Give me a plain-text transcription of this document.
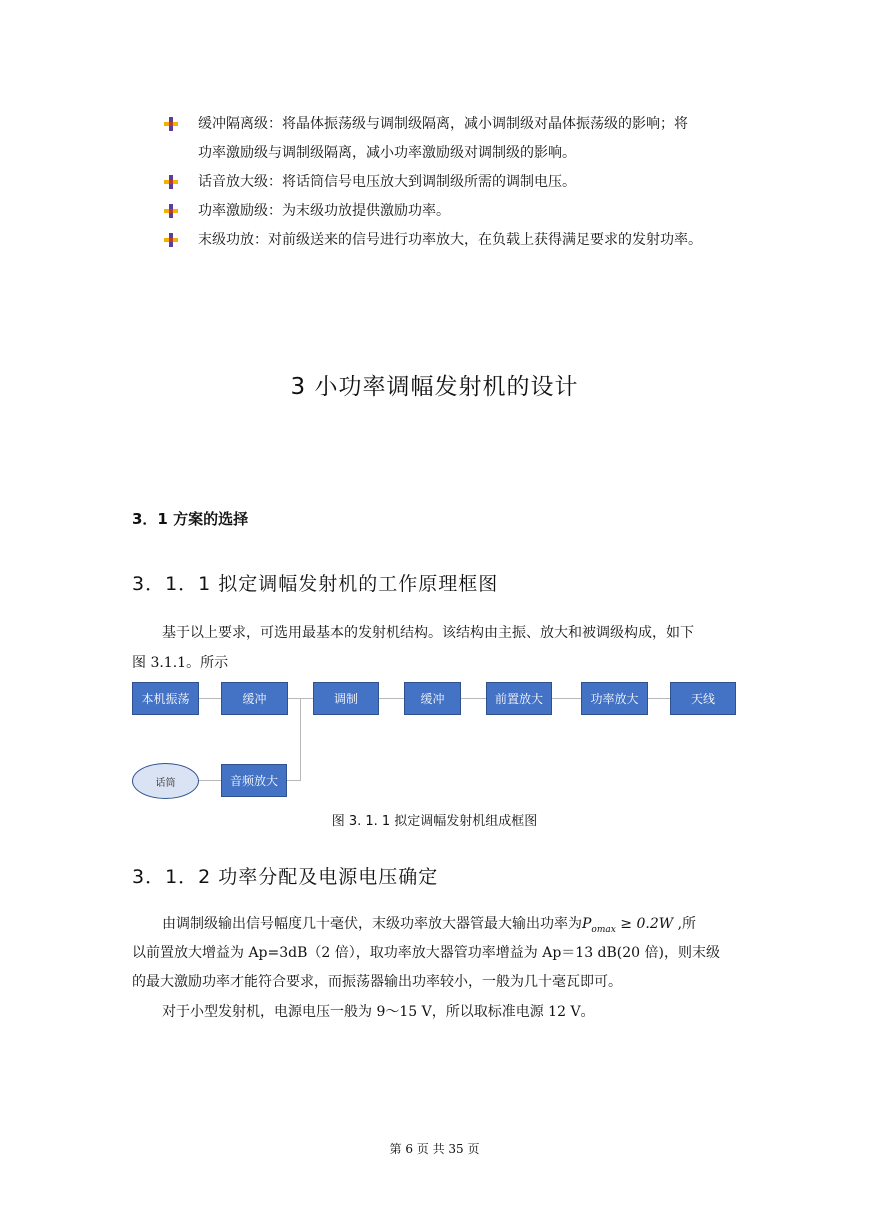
缓冲隔离级：将晶体振荡级与调制级隔离，减小调制级对晶体振荡级的影响；将
功率激励级与调制级隔离，减小功率激励级对调制级的影响。
话音放大级：将话筒信号电压放大到调制级所需的调制电压。
功率激励级：为末级功放提供激励功率。
末级功放：对前级送来的信号进行功率放大，在负载上获得满足要求的发射功率。
3 小功率调幅发射机的设计
3．1 方案的选择
3．1．1 拟定调幅发射机的工作原理框图
基于以上要求，可选用最基本的发射机结构。该结构由主振、放大和被调级构成，如下
图 3.1.1。所示
本机振荡	缓冲	调制	缓冲	前置放大	功率放大	天线
音频放大
话筒
图 3. 1. 1 拟定调幅发射机组成框图
3．1．2 功率分配及电源电压确定
由调制级输出信号幅度几十毫伏，末级功率放大器管最大输出功率为$P_{omax} \ge 0.2W$ ,所
以前置放大增益为 Ap=3dB（2 倍），取功率放大器管功率增益为 Ap＝13 dB(20 倍)，则末级
的最大激励功率才能符合要求，而振荡器输出功率较小，一般为几十毫瓦即可。
对于小型发射机，电源电压一般为 9～15 V，所以取标准电源 12 V。
第 6 页 共 35 页
